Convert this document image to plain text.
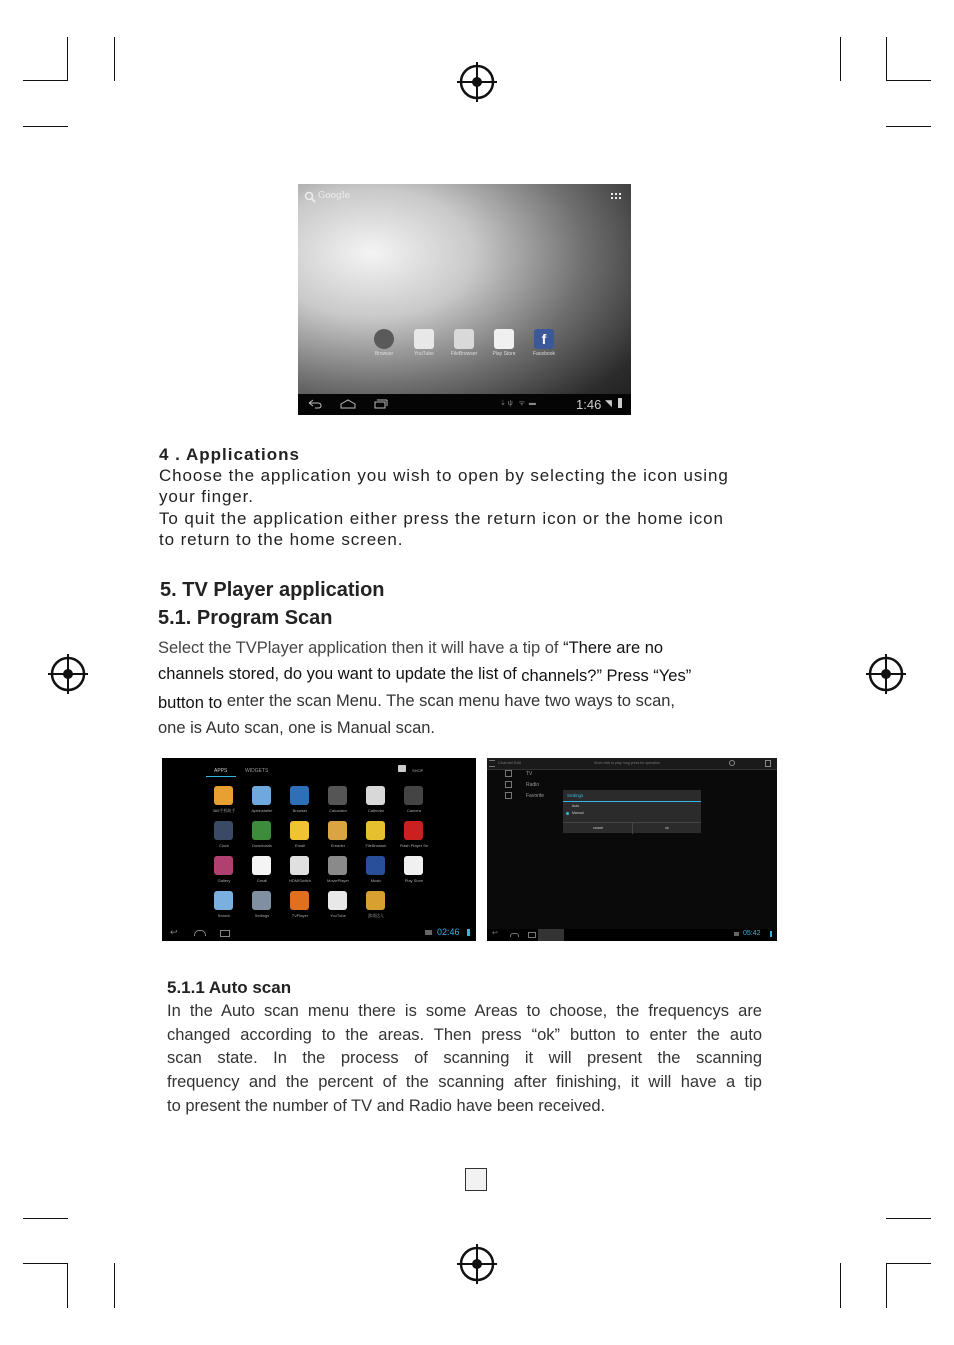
Google
Browser	YouTube	FileBrowser	Play Store
f
Facebook
⇣ ψ   ᯤ  ▬	1:46 ◥
4 . Applications
Choose the application you wish to open by selecting the icon using
your finger.
To quit the application either press the return icon or the home icon
to return to the home screen.
5. TV Player application
5.1. Program Scan
Select the TVPlayer application then it will have a tip of “There are no
channels stored, do you want to update the list of channels?” Press “Yes”
button to enter the scan Menu. The scan menu have two ways to scan,
one is Auto scan, one is Manual scan.
APPS	WIDGETS	SHOP
360手机助手	ApkInstaller	Browser	Calculator	Calendar	Camera
Clock	Downloads	Email	Ereader	FileBrowser	Flash Player Se
Gallery	Gmail	HDMISwitch	MoviePlayer	Music	Play Store
Search	Settings	TVPlayer	YouTube	游戏达人
↩	02:46
Channel Edit	Short click to play, long press for operation
TV
Radio
Favorite	Settings
Auto
Manual
cancel	ok
↩	05:42
5.1.1 Auto scan
In the Auto scan menu there is some Areas to choose, the frequencys are
changed according to the areas. Then press “ok” button to enter the auto
scan state. In the process of scanning it will present the scanning
frequency and the percent of the scanning after finishing, it will have a tip
to present the number of TV and Radio have been received.
